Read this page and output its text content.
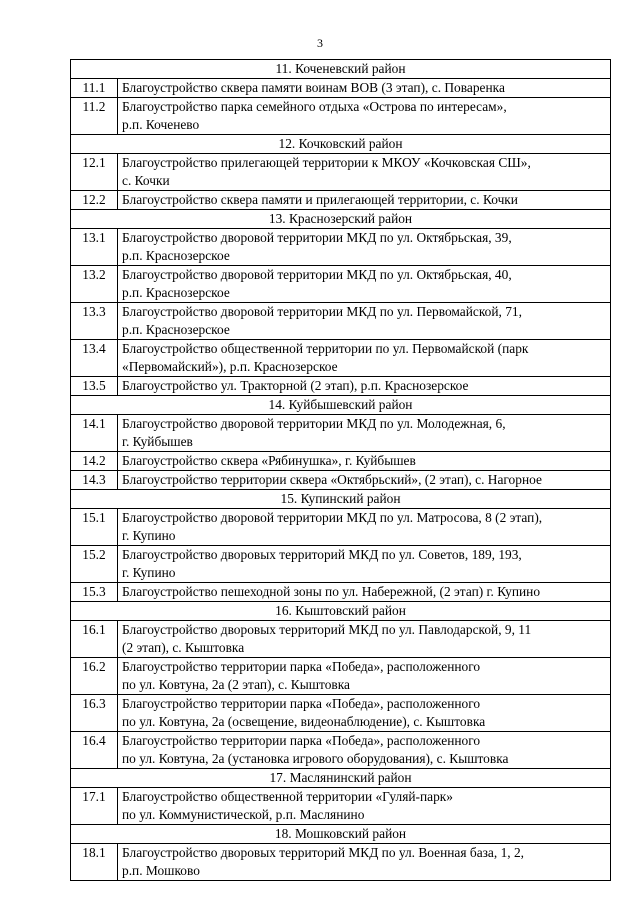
3
11. Коченевский район	
11.1	Благоустройство сквера памяти воинам ВОВ (3 этап), с. Поваренка
11.2	Благоустройство парка семейного отдыха «Острова по интересам»,
р.п. Коченево
12. Кочковский район	
12.1	Благоустройство прилегающей территории к МКОУ «Кочковская СШ»,
с. Кочки
12.2	Благоустройство сквера памяти и прилегающей территории, с. Кочки
13. Краснозерский район	
13.1	Благоустройство дворовой территории МКД по ул. Октябрьская, 39,
р.п. Краснозерское
13.2	Благоустройство дворовой территории МКД по ул. Октябрьская, 40,
р.п. Краснозерское
13.3	Благоустройство дворовой территории МКД по ул. Первомайской, 71,
р.п. Краснозерское
13.4	Благоустройство общественной территории по ул. Первомайской (парк
«Первомайский»), р.п. Краснозерское
13.5	Благоустройство ул. Тракторной (2 этап), р.п. Краснозерское
14. Куйбышевский район	
14.1	Благоустройство дворовой территории МКД по ул. Молодежная, 6,
г. Куйбышев
14.2	Благоустройство сквера «Рябинушка», г. Куйбышев
14.3	Благоустройство территории сквера «Октябрьский», (2 этап), с. Нагорное
15. Купинский район	
15.1	Благоустройство дворовой территории МКД по ул. Матросова, 8 (2 этап),
г. Купино
15.2	Благоустройство дворовых территорий МКД по ул. Советов, 189, 193,
г. Купино
15.3	Благоустройство пешеходной зоны по ул. Набережной, (2 этап) г. Купино
16. Кыштовский район	
16.1	Благоустройство дворовых территорий МКД по ул. Павлодарской, 9, 11
(2 этап), с. Кыштовка
16.2	Благоустройство территории парка «Победа», расположенного
по ул. Ковтуна, 2а (2 этап), с. Кыштовка
16.3	Благоустройство территории парка «Победа», расположенного
по ул. Ковтуна, 2а (освещение, видеонаблюдение), с. Кыштовка
16.4	Благоустройство территории парка «Победа», расположенного
по ул. Ковтуна, 2а (установка игрового оборудования), с. Кыштовка
17. Маслянинский район	
17.1	Благоустройство общественной территории «Гуляй-парк»
по ул. Коммунистической, р.п. Маслянино
18. Мошковский район	
18.1	Благоустройство дворовых территорий МКД по ул. Военная база, 1, 2,
р.п. Мошково
